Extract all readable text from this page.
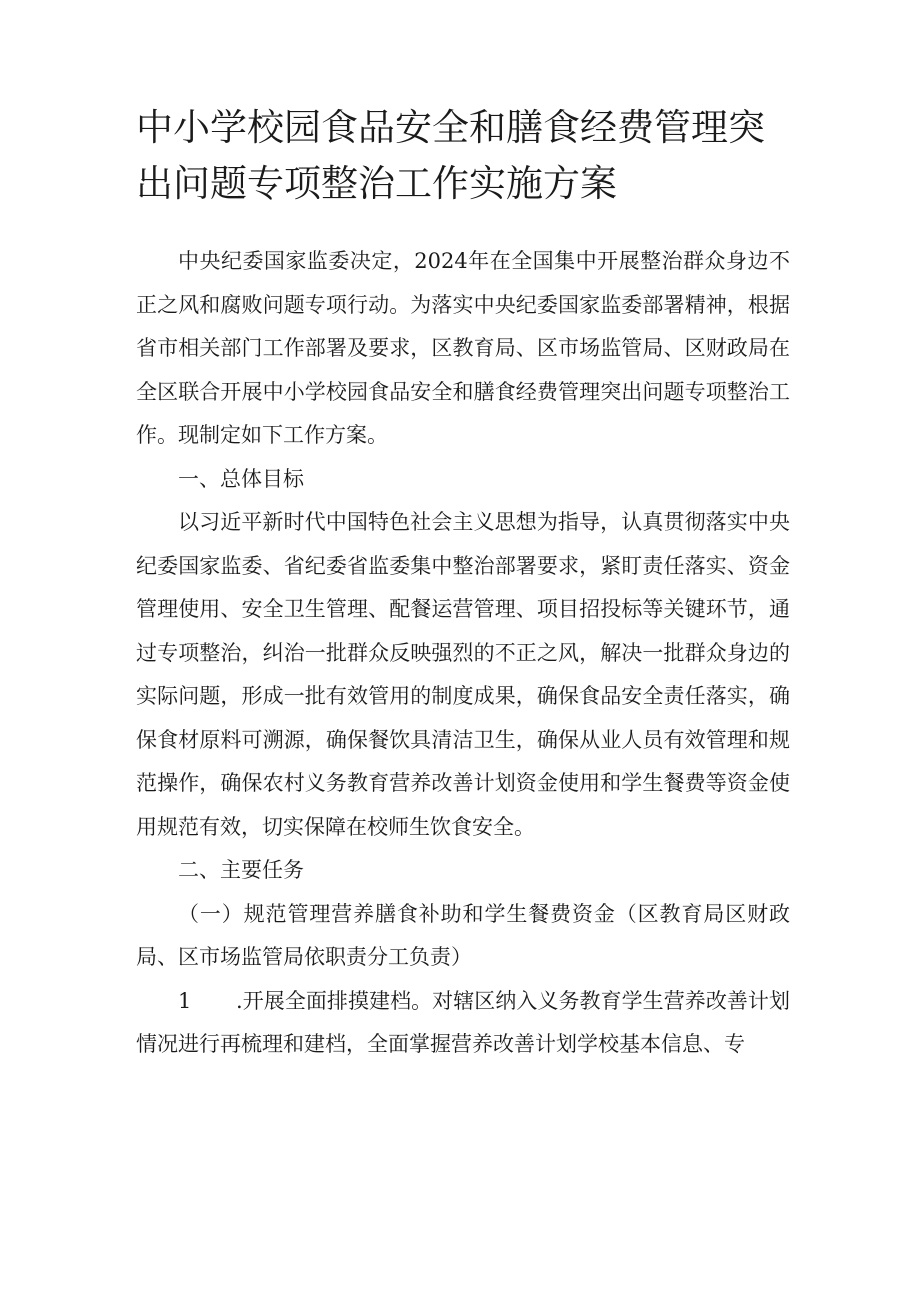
中小学校园食品安全和膳食经费管理突出问题专项整治工作实施方案

中央纪委国家监委决定，2024年在全国集中开展整治群众身边不正之风和腐败问题专项行动。为落实中央纪委国家监委部署精神，根据省市相关部门工作部署及要求，区教育局、区市场监管局、区财政局在全区联合开展中小学校园食品安全和膳食经费管理突出问题专项整治工作。现制定如下工作方案。

一、总体目标

以习近平新时代中国特色社会主义思想为指导，认真贯彻落实中央纪委国家监委、省纪委省监委集中整治部署要求，紧盯责任落实、资金管理使用、安全卫生管理、配餐运营管理、项目招投标等关键环节，通过专项整治，纠治一批群众反映强烈的不正之风，解决一批群众身边的实际问题，形成一批有效管用的制度成果，确保食品安全责任落实，确保食材原料可溯源，确保餐饮具清洁卫生，确保从业人员有效管理和规范操作，确保农村义务教育营养改善计划资金使用和学生餐费等资金使用规范有效，切实保障在校师生饮食安全。

二、主要任务

（一）规范管理营养膳食补助和学生餐费资金（区教育局区财政局、区市场监管局依职责分工负责）

1 .开展全面排摸建档。对辖区纳入义务教育学生营养改善计划情况进行再梳理和建档，全面掌握营养改善计划学校基本信息、专
